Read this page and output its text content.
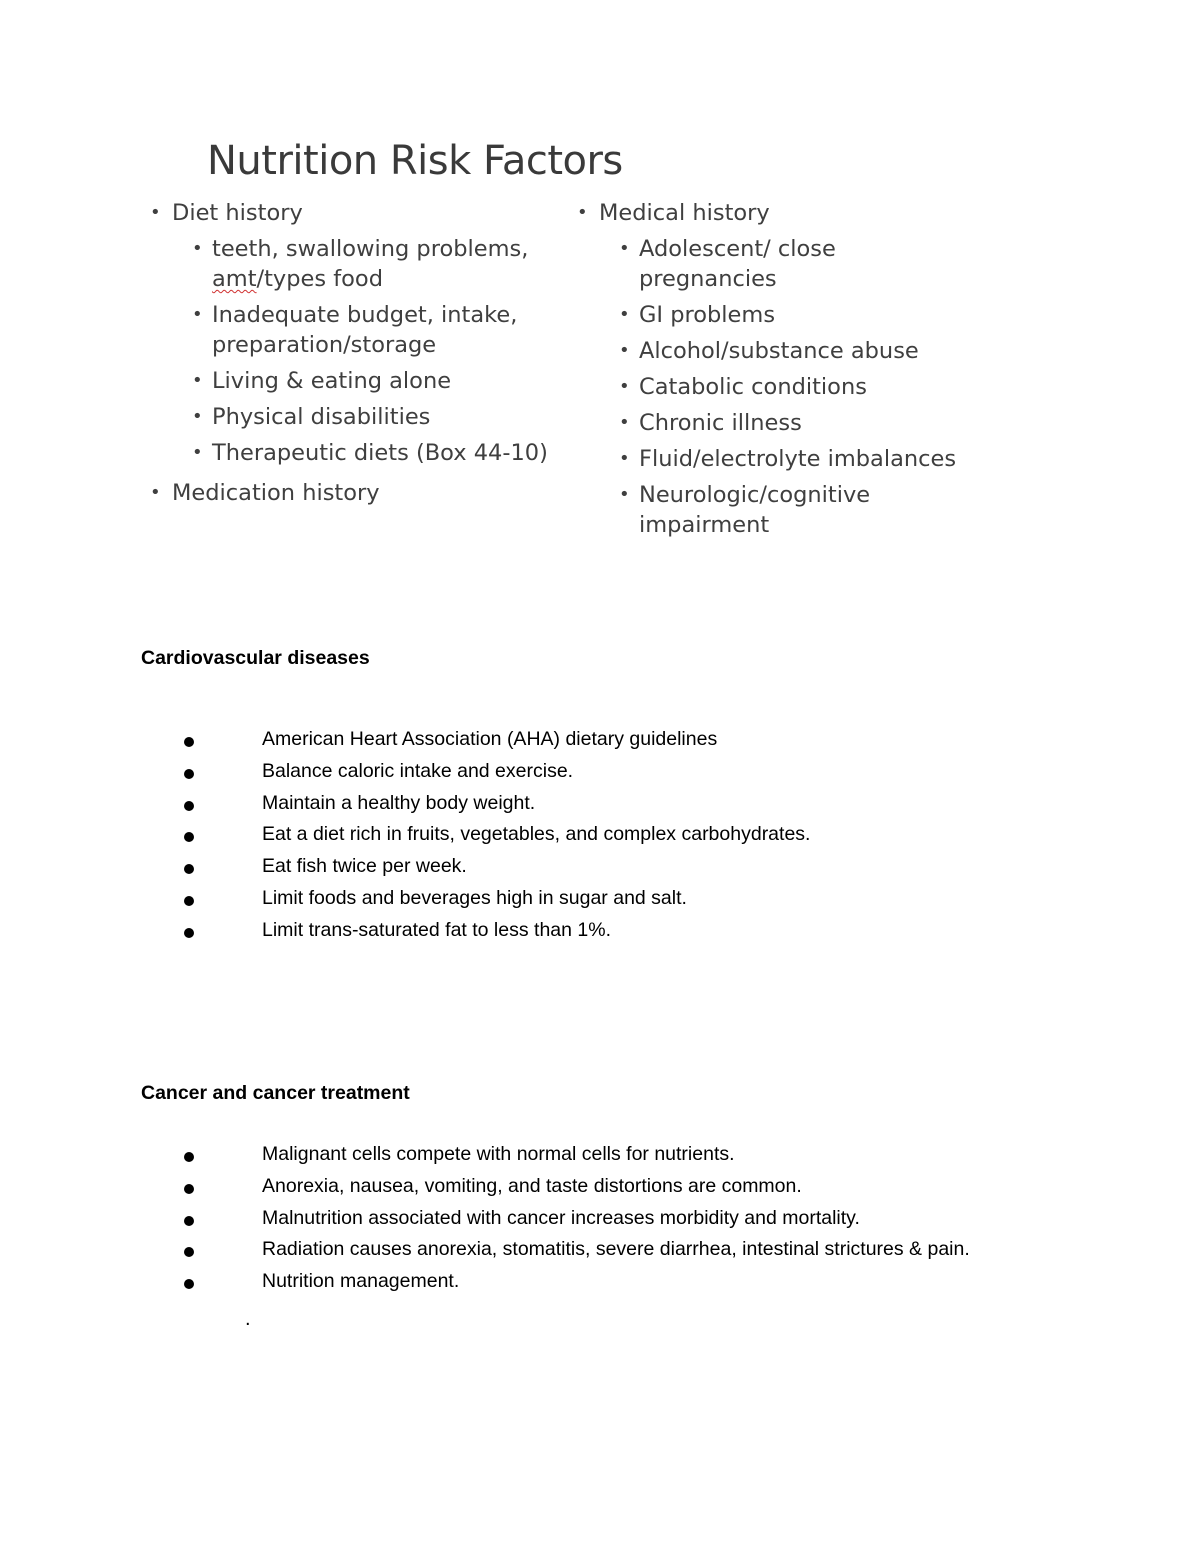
Nutrition Risk Factors
• Diet history
• teeth, swallowing problems,
amt/types food
• Inadequate budget, intake, preparation/storage
• Living & eating alone
• Physical disabilities
• Therapeutic diets (Box 44-10)
• Medication history
• Medical history
• Adolescent/ close pregnancies
• GI problems
• Alcohol/substance abuse
• Catabolic conditions
• Chronic illness
• Fluid/electrolyte imbalances
• Neurologic/cognitive impairment
Cardiovascular diseases
American Heart Association (AHA) dietary guidelines
Balance caloric intake and exercise.
Maintain a healthy body weight.
Eat a diet rich in fruits, vegetables, and complex carbohydrates.
Eat fish twice per week.
Limit foods and beverages high in sugar and salt.
Limit trans-saturated fat to less than 1%.
Cancer and cancer treatment
Malignant cells compete with normal cells for nutrients.
Anorexia, nausea, vomiting, and taste distortions are common.
Malnutrition associated with cancer increases morbidity and mortality.
Radiation causes anorexia, stomatitis, severe diarrhea, intestinal strictures & pain.
Nutrition management.
.
